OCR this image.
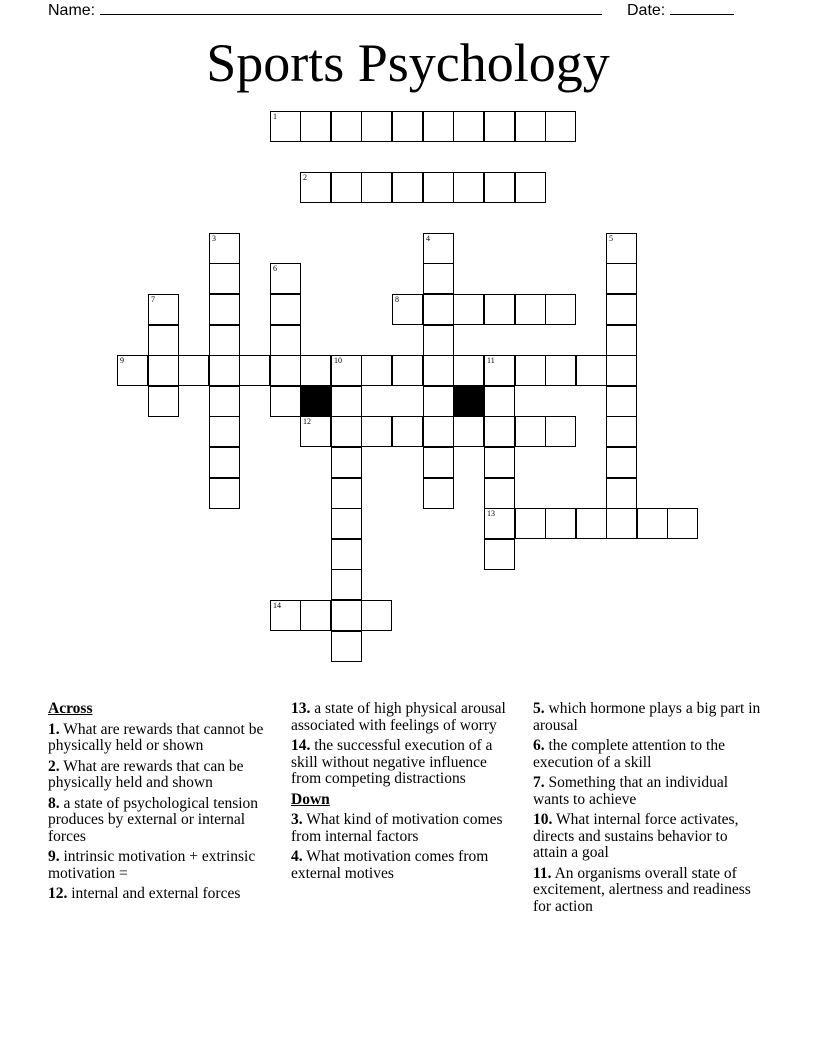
Name:	Date:
Sports Psychology
1
2
3	4	5
6
7	8
9	10	11
12
13
14
Across
1. What are rewards that cannot be physically held or shown
2. What are rewards that can be physically held and shown
8. a state of psychological tension produces by external or internal forces
9. intrinsic motivation + extrinsic motivation =
12. internal and external forces
13. a state of high physical arousal associated with feelings of worry
14. the successful execution of a skill without negative influence from competing distractions
Down
3. What kind of motivation comes from internal factors
4. What motivation comes from external motives
5. which hormone plays a big part in arousal
6. the complete attention to the execution of a skill
7. Something that an individual wants to achieve
10. What internal force activates, directs and sustains behavior to attain a goal
11. An organisms overall state of excitement, alertness and readiness for action
